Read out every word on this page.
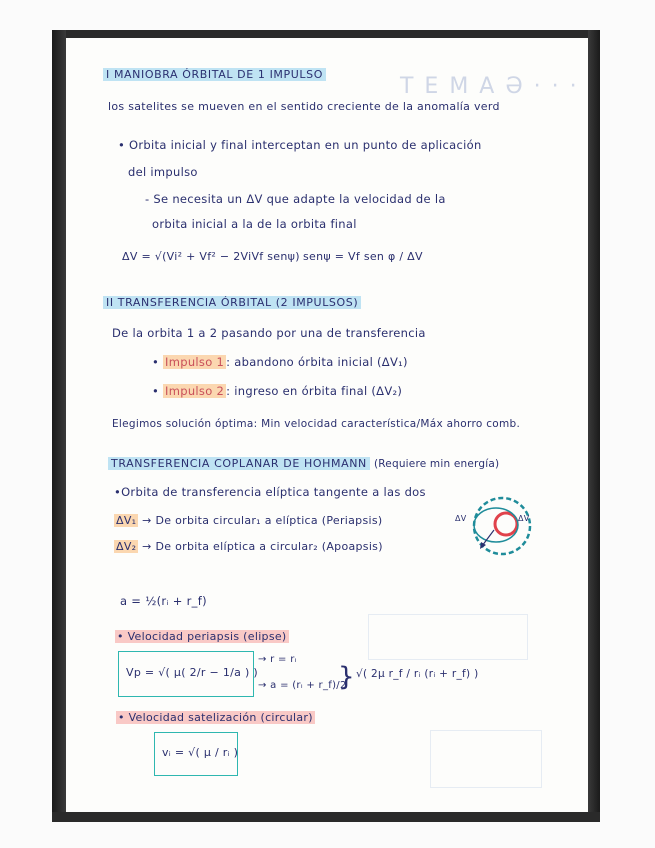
T E M A Ə · · ·
I MANIOBRA ÓRBITAL DE 1 IMPULSO
los satelites se mueven en el sentido creciente de la anomalía verd
• Orbita inicial y final interceptan en un punto de aplicación
del impulso
- Se necesita un ΔV que adapte la velocidad de la
orbita inicial a la de la orbita final
ΔV = √(Vi² + Vf² − 2ViVf senψ) senψ = Vf sen φ / ΔV
II TRANSFERENCIA ÓRBITAL (2 IMPULSOS)
De la orbita 1 a 2 pasando por una de transferencia
• Impulso 1 : abandono órbita inicial (ΔV₁)
• Impulso 2 : ingreso en órbita final (ΔV₂)
Elegimos solución óptima: Min velocidad característica/Máx ahorro comb.
TRANSFERENCIA COPLANAR DE HOHMANN (Requiere min energía)
•Orbita de transferencia elíptica tangente a las dos
ΔV₁ → De orbita circular₁ a elíptica (Periapsis)
ΔV₂ → De orbita elíptica a circular₂ (Apoapsis)
ΔV	ΔV
a = ½(rᵢ + r_f)
• Velocidad periapsis (elipse)
Vp = √( μ( 2/r − 1/a ) )
→ r = rᵢ
→ a = (rᵢ + r_f)/2
} √( 2μ r_f / rᵢ (rᵢ + r_f) )
• Velocidad satelización (circular)
vᵢ = √( μ / rᵢ )
